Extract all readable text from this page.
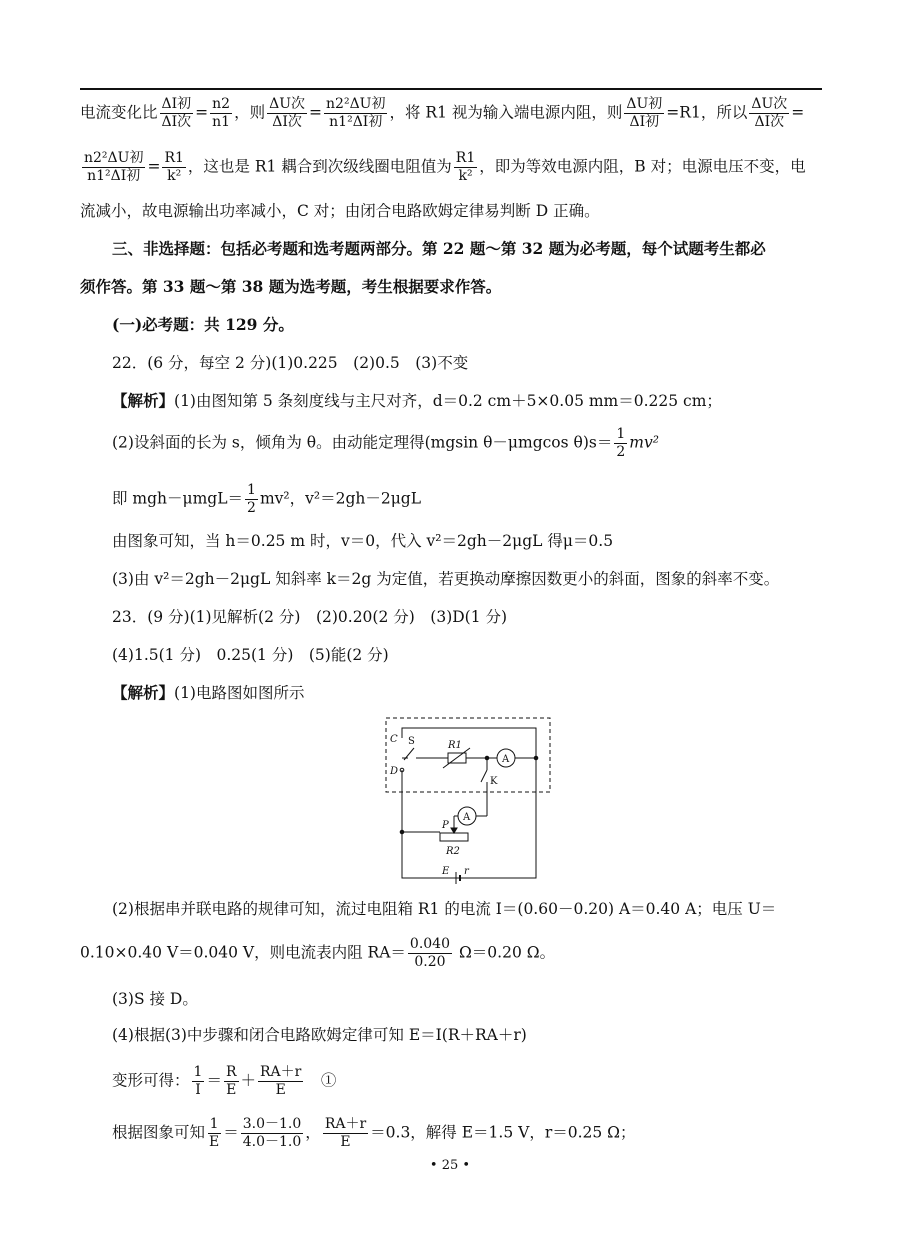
电流变化比 $\frac{\text{ΔI初}}{\text{ΔI次}} = \frac{n2}{n1}$ ，则 $\frac{\text{ΔU次}}{\text{ΔI次}} = \frac{\text{n2²ΔU初}}{\text{n1²ΔI初}}$ ，将 R1 视为输入端电源内阻，则 $\frac{\text{ΔU初}}{\text{ΔI初}} =R1$，所以 $\frac{\text{ΔU次}}{\text{ΔI次}}$ =
$\frac{\text{n2²ΔU初}}{\text{n1²ΔI初}} = \frac{R1}{\text{k²}}$ ，这也是 R1 耦合到次级线圈电阻值为 $\frac{R1}{\text{k²}}$ ，即为等效电源内阻，B 对；电源电压不变，电
流减小，故电源输出功率减小，C 对；由闭合电路欧姆定律易判断 D 正确。
三、非选择题：包括必考题和选考题两部分。第 22 题～第 32 题为必考题，每个试题考生都必
须作答。第 33 题～第 38 题为选考题，考生根据要求作答。
(一)必考题：共 129 分。
22．(6 分，每空 2 分)(1)0.225　(2)0.5　(3)不变
【解析】(1)由图知第 5 条刻度线与主尺对齐，d＝0.2 cm＋5×0.05 mm＝0.225 cm；
(2)设斜面的长为 s，倾角为 θ。由动能定理得(mgsin θ－μmgcos $\theta)s= \frac{1}{2} mv^2$
即 $mgh-\mu mgL= \frac{1}{2} mv^2$，v²＝2gh－2μgL
由图象可知，当 h＝0.25 m 时，v＝0，代入 v²＝2gh－2μgL 得μ＝0.5
(3)由 v²＝2gh－2μgL 知斜率 k＝2g 为定值，若更换动摩擦因数更小的斜面，图象的斜率不变。
23．(9 分)(1)见解析(2 分)　(2)0.20(2 分)　(3)D(1 分)
(4)1.5(1 分)　0.25(1 分)　(5)能(2 分)
【解析】(1)电路图如图所示
C S
D
R1
A
K
A
P
R2
E r
(2)根据串并联电路的规律可知，流过电阻箱 R1 的电流 I＝(0.60－0.20) A＝0.40 A；电压 U＝
0.10×0.40 V＝0.040 V，则电流表内阻 $RA= \frac{0.040}{0.20} \Omega=0.20$ Ω。
(3)S 接 D。
(4)根据(3)中步骤和闭合电路欧姆定律可知 E＝I(R＋RA＋r)
变形可得： $\frac{1}{I} = \frac{R}{E} + \frac{RA+r}{E}$ 　①
根据图象可知 $\frac{1}{E} = \frac{3.0-1.0}{4.0-1.0}$ ， $\frac{RA+r}{E} =0.3$，解得 E＝1.5 V，r＝0.25 Ω；
• 25 •
